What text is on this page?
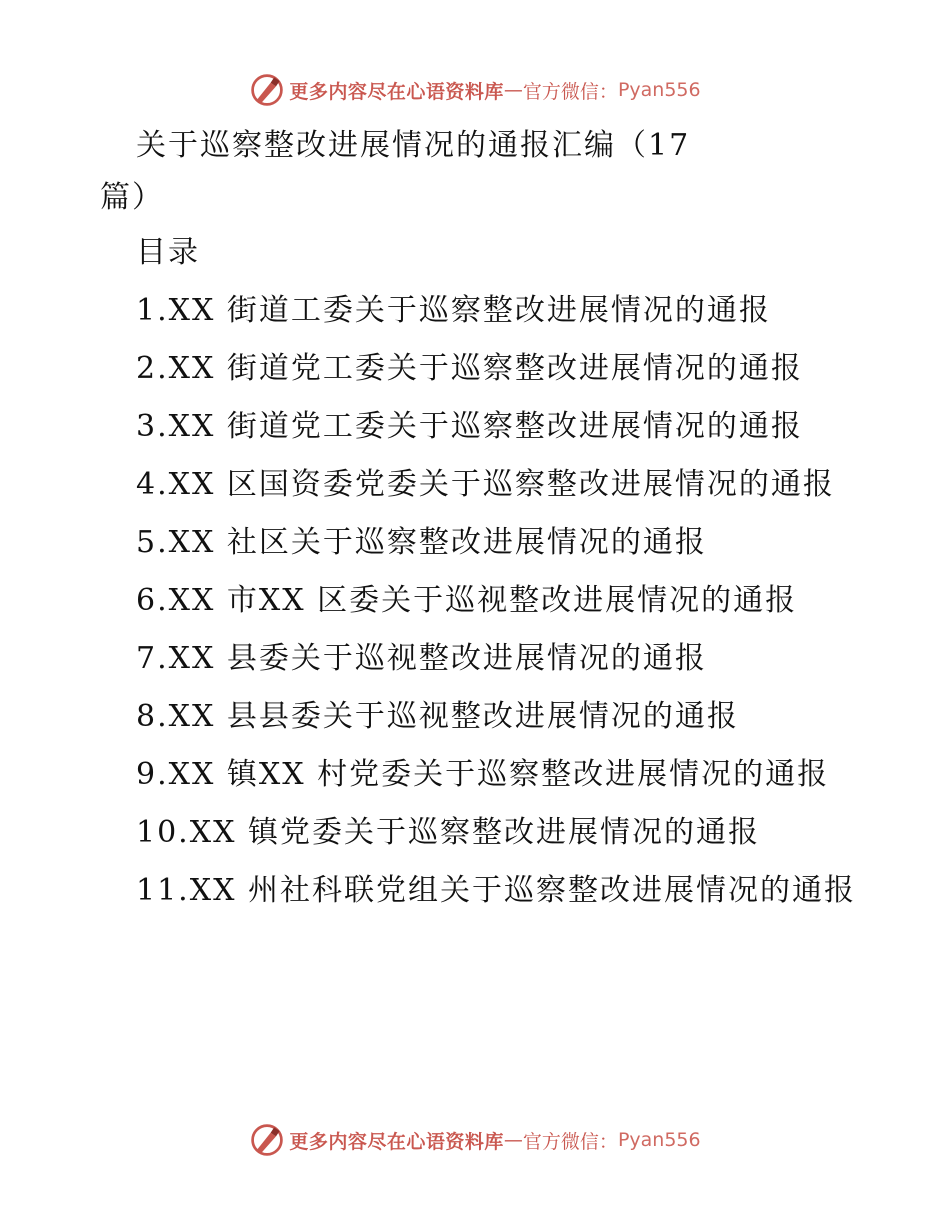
更多内容尽在心语资料库 — 官方微信： Pyan556
关于巡察整改进展情况的通报汇编（17篇）
目录
1.XX 街道工委关于巡察整改进展情况的通报
2.XX 街道党工委关于巡察整改进展情况的通报
3.XX 街道党工委关于巡察整改进展情况的通报
4.XX 区国资委党委关于巡察整改进展情况的通报
5.XX 社区关于巡察整改进展情况的通报
6.XX 市XX 区委关于巡视整改进展情况的通报
7.XX 县委关于巡视整改进展情况的通报
8.XX 县县委关于巡视整改进展情况的通报
9.XX 镇XX 村党委关于巡察整改进展情况的通报
10.XX 镇党委关于巡察整改进展情况的通报
11.XX 州社科联党组关于巡察整改进展情况的通报
更多内容尽在心语资料库 — 官方微信： Pyan556
